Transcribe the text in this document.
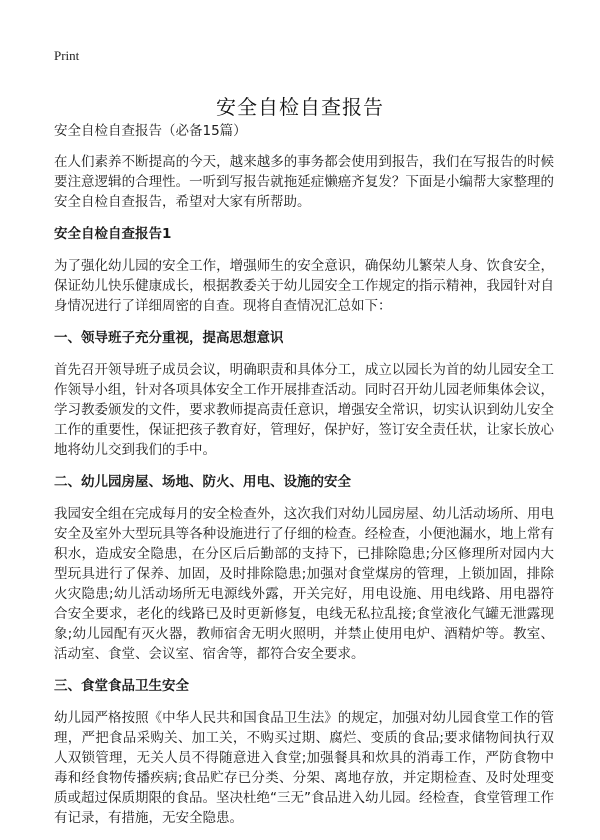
Print
安全自检自查报告
安全自检自查报告（必备15篇）

在人们素养不断提高的今天，越来越多的事务都会使用到报告，我们在写报告的时候要注意逻辑的合理性。一听到写报告就拖延症懒癌齐复发？下面是小编帮大家整理的安全自检自查报告，希望对大家有所帮助。

安全自检自查报告1

为了强化幼儿园的安全工作，增强师生的安全意识，确保幼儿繁荣人身、饮食安全，保证幼儿快乐健康成长，根据教委关于幼儿园安全工作规定的指示精神，我园针对自身情况进行了详细周密的自查。现将自查情况汇总如下：

一、领导班子充分重视，提高思想意识

首先召开领导班子成员会议，明确职责和具体分工，成立以园长为首的幼儿园安全工作领导小组，针对各项具体安全工作开展排查活动。同时召开幼儿园老师集体会议，学习教委颁发的文件，要求教师提高责任意识，增强安全常识，切实认识到幼儿安全工作的重要性，保证把孩子教育好，管理好，保护好，签订安全责任状，让家长放心地将幼儿交到我们的手中。

二、幼儿园房屋、场地、防火、用电、设施的安全

我园安全组在完成每月的安全检查外，这次我们对幼儿园房屋、幼儿活动场所、用电安全及室外大型玩具等各种设施进行了仔细的检查。经检查，小便池漏水，地上常有积水，造成安全隐患，在分区后后勤部的支持下，已排除隐患;分区修理所对园内大型玩具进行了保养、加固，及时排除隐患;加强对食堂煤房的管理，上锁加固，排除火灾隐患;幼儿活动场所无电源线外露，开关完好，用电设施、用电线路、用电器符合安全要求，老化的线路已及时更新修复，电线无私拉乱接;食堂液化气罐无泄露现象;幼儿园配有灭火器，教师宿舍无明火照明，并禁止使用电炉、酒精炉等。教室、活动室、食堂、会议室、宿舍等，都符合安全要求。

三、食堂食品卫生安全

幼儿园严格按照《中华人民共和国食品卫生法》的规定，加强对幼儿园食堂工作的管理，严把食品采购关、加工关，不购买过期、腐烂、变质的食品;要求储物间执行双人双锁管理，无关人员不得随意进入食堂;加强餐具和炊具的消毒工作，严防食物中毒和经食物传播疾病;食品贮存已分类、分架、离地存放，并定期检查、及时处理变质或超过保质期限的食品。坚决杜绝“三无”食品进入幼儿园。经检查，食堂管理工作有记录，有措施，无安全隐患。
